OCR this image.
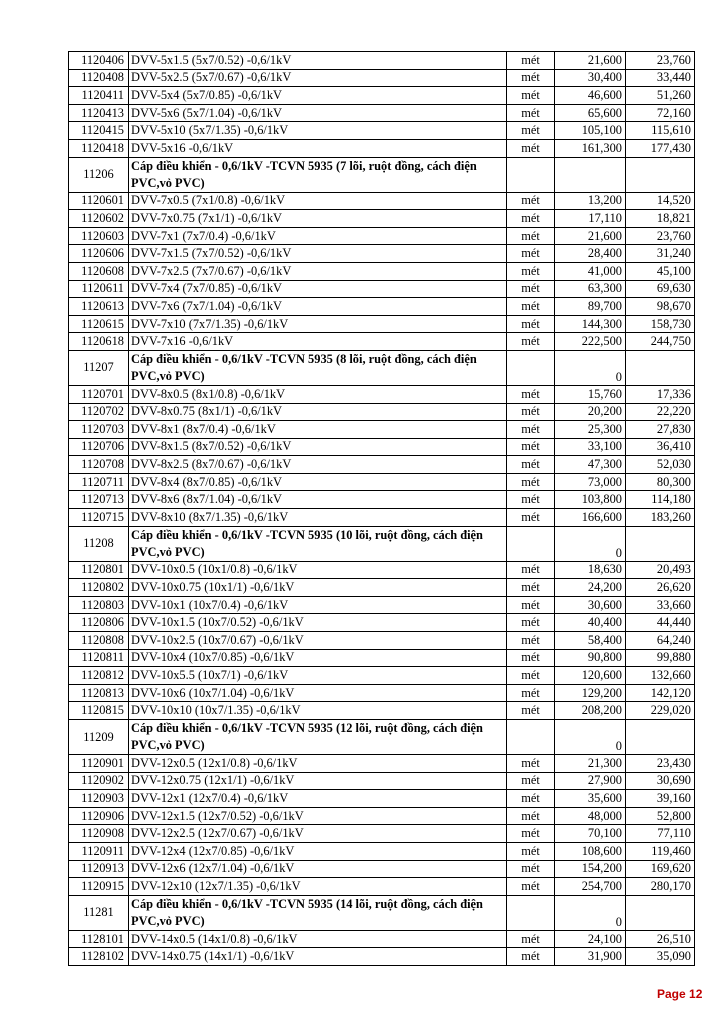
1120406	DVV-5x1.5 (5x7/0.52) -0,6/1kV	mét	21,600	23,760
1120408	DVV-5x2.5 (5x7/0.67) -0,6/1kV	mét	30,400	33,440
1120411	DVV-5x4 (5x7/0.85) -0,6/1kV	mét	46,600	51,260
1120413	DVV-5x6 (5x7/1.04) -0,6/1kV	mét	65,600	72,160
1120415	DVV-5x10 (5x7/1.35) -0,6/1kV	mét	105,100	115,610
1120418	DVV-5x16 -0,6/1kV	mét	161,300	177,430
11206	Cáp điều khiển - 0,6/1kV -TCVN 5935 (7 lõi, ruột đồng, cách điện PVC,vỏ PVC)			
1120601	DVV-7x0.5 (7x1/0.8) -0,6/1kV	mét	13,200	14,520
1120602	DVV-7x0.75 (7x1/1) -0,6/1kV	mét	17,110	18,821
1120603	DVV-7x1 (7x7/0.4) -0,6/1kV	mét	21,600	23,760
1120606	DVV-7x1.5 (7x7/0.52) -0,6/1kV	mét	28,400	31,240
1120608	DVV-7x2.5 (7x7/0.67) -0,6/1kV	mét	41,000	45,100
1120611	DVV-7x4 (7x7/0.85) -0,6/1kV	mét	63,300	69,630
1120613	DVV-7x6 (7x7/1.04) -0,6/1kV	mét	89,700	98,670
1120615	DVV-7x10 (7x7/1.35) -0,6/1kV	mét	144,300	158,730
1120618	DVV-7x16 -0,6/1kV	mét	222,500	244,750
11207	Cáp điều khiển - 0,6/1kV -TCVN 5935 (8 lõi, ruột đồng, cách điện PVC,vỏ PVC)		0	
1120701	DVV-8x0.5 (8x1/0.8) -0,6/1kV	mét	15,760	17,336
1120702	DVV-8x0.75 (8x1/1) -0,6/1kV	mét	20,200	22,220
1120703	DVV-8x1 (8x7/0.4) -0,6/1kV	mét	25,300	27,830
1120706	DVV-8x1.5 (8x7/0.52) -0,6/1kV	mét	33,100	36,410
1120708	DVV-8x2.5 (8x7/0.67) -0,6/1kV	mét	47,300	52,030
1120711	DVV-8x4 (8x7/0.85) -0,6/1kV	mét	73,000	80,300
1120713	DVV-8x6 (8x7/1.04) -0,6/1kV	mét	103,800	114,180
1120715	DVV-8x10 (8x7/1.35) -0,6/1kV	mét	166,600	183,260
11208	Cáp điều khiển - 0,6/1kV -TCVN 5935 (10 lõi, ruột đồng, cách điện PVC,vỏ PVC)		0	
1120801	DVV-10x0.5 (10x1/0.8) -0,6/1kV	mét	18,630	20,493
1120802	DVV-10x0.75 (10x1/1) -0,6/1kV	mét	24,200	26,620
1120803	DVV-10x1 (10x7/0.4) -0,6/1kV	mét	30,600	33,660
1120806	DVV-10x1.5 (10x7/0.52) -0,6/1kV	mét	40,400	44,440
1120808	DVV-10x2.5 (10x7/0.67) -0,6/1kV	mét	58,400	64,240
1120811	DVV-10x4 (10x7/0.85) -0,6/1kV	mét	90,800	99,880
1120812	DVV-10x5.5 (10x7/1) -0,6/1kV	mét	120,600	132,660
1120813	DVV-10x6 (10x7/1.04) -0,6/1kV	mét	129,200	142,120
1120815	DVV-10x10 (10x7/1.35) -0,6/1kV	mét	208,200	229,020
11209	Cáp điều khiển - 0,6/1kV -TCVN 5935 (12 lõi, ruột đồng, cách điện PVC,vỏ PVC)		0	
1120901	DVV-12x0.5 (12x1/0.8) -0,6/1kV	mét	21,300	23,430
1120902	DVV-12x0.75 (12x1/1) -0,6/1kV	mét	27,900	30,690
1120903	DVV-12x1 (12x7/0.4) -0,6/1kV	mét	35,600	39,160
1120906	DVV-12x1.5 (12x7/0.52) -0,6/1kV	mét	48,000	52,800
1120908	DVV-12x2.5 (12x7/0.67) -0,6/1kV	mét	70,100	77,110
1120911	DVV-12x4 (12x7/0.85) -0,6/1kV	mét	108,600	119,460
1120913	DVV-12x6 (12x7/1.04) -0,6/1kV	mét	154,200	169,620
1120915	DVV-12x10 (12x7/1.35) -0,6/1kV	mét	254,700	280,170
11281	Cáp điều khiển - 0,6/1kV -TCVN 5935 (14 lõi, ruột đồng, cách điện PVC,vỏ PVC)		0	
1128101	DVV-14x0.5 (14x1/0.8) -0,6/1kV	mét	24,100	26,510
1128102	DVV-14x0.75 (14x1/1) -0,6/1kV	mét	31,900	35,090
Page 12
